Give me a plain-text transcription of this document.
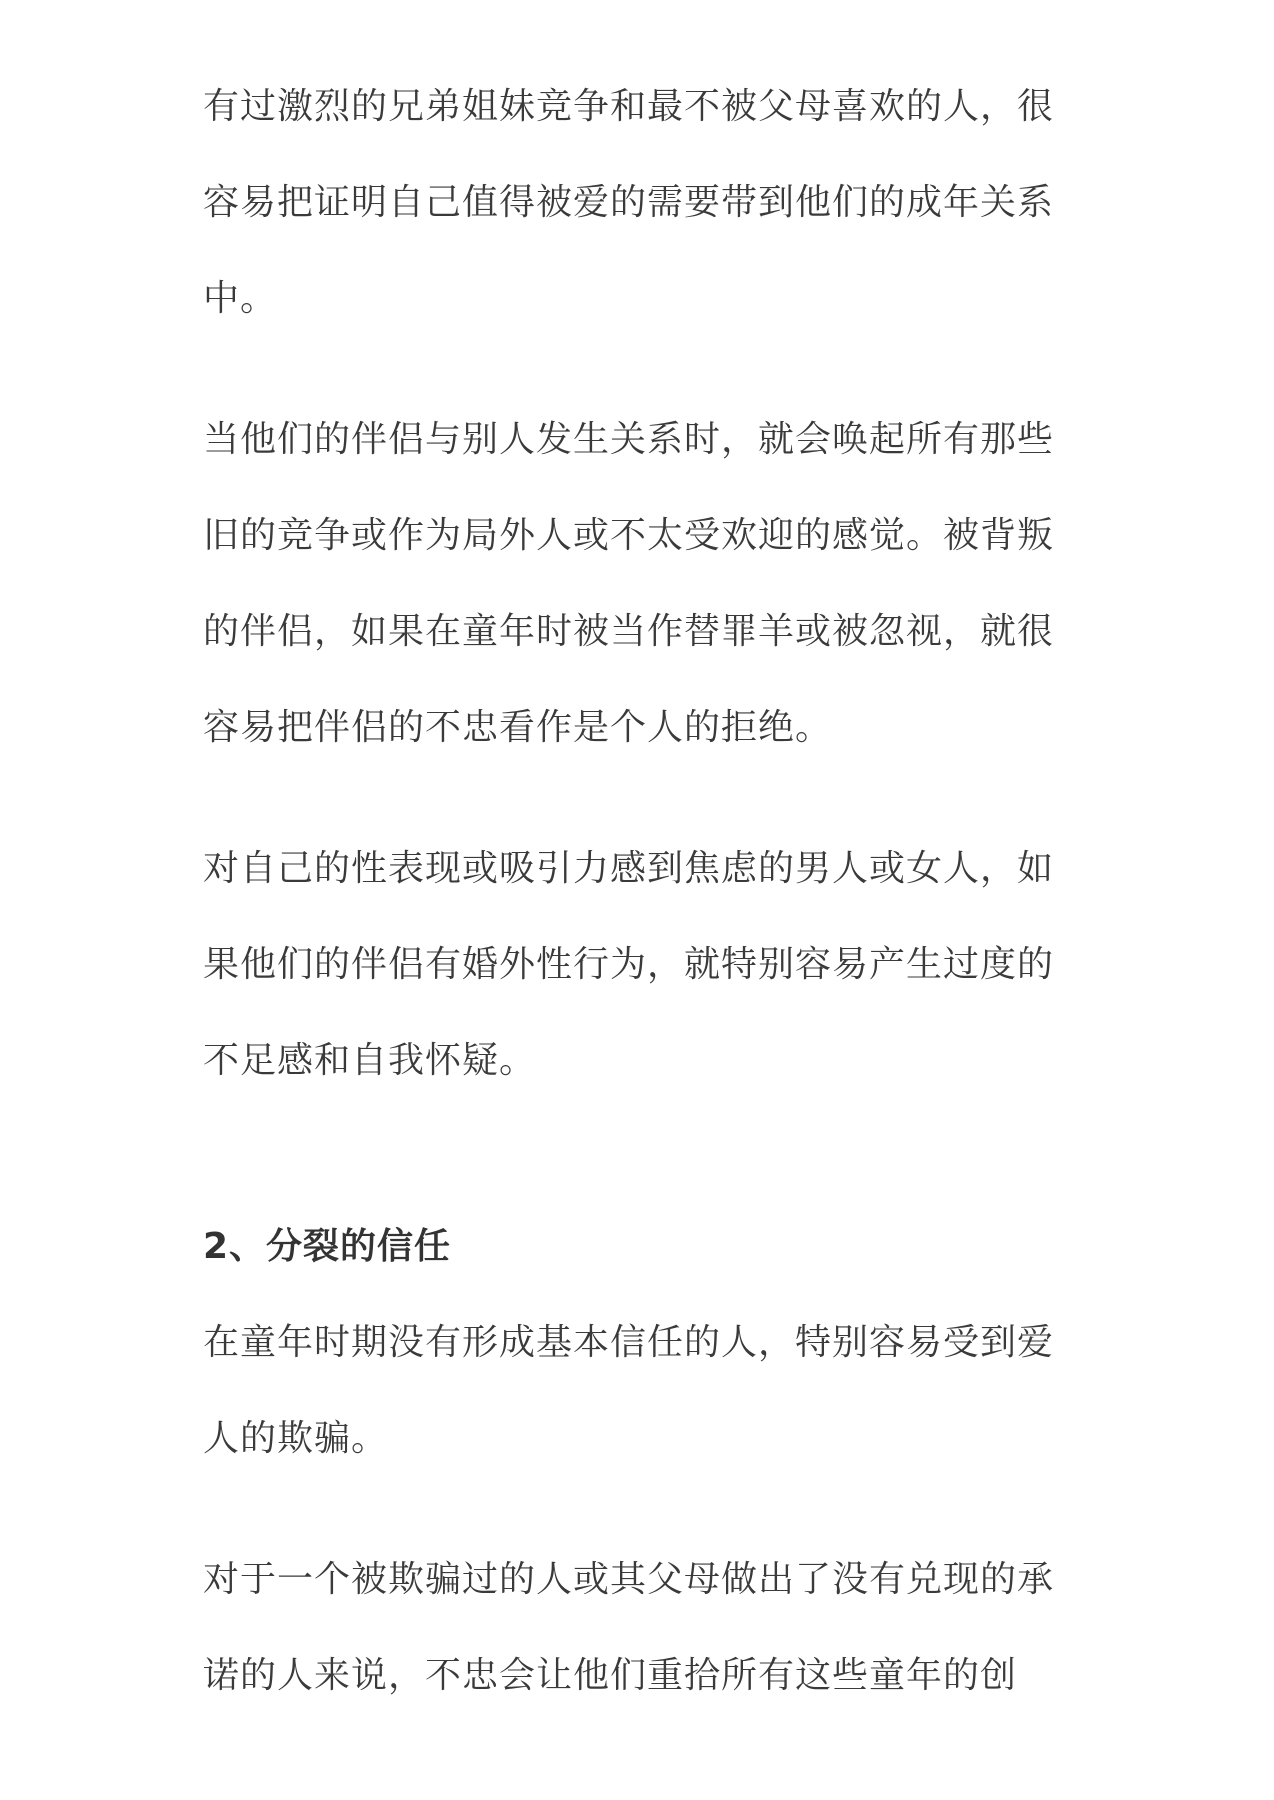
有过激烈的兄弟姐妹竞争和最不被父母喜欢的人，很
容易把证明自己值得被爱的需要带到他们的成年关系
中。
当他们的伴侣与别人发生关系时，就会唤起所有那些
旧的竞争或作为局外人或不太受欢迎的感觉。被背叛
的伴侣，如果在童年时被当作替罪羊或被忽视，就很
容易把伴侣的不忠看作是个人的拒绝。
对自己的性表现或吸引力感到焦虑的男人或女人，如
果他们的伴侣有婚外性行为，就特别容易产生过度的
不足感和自我怀疑。
2、分裂的信任
在童年时期没有形成基本信任的人，特别容易受到爱
人的欺骗。
对于一个被欺骗过的人或其父母做出了没有兑现的承
诺的人来说，不忠会让他们重拾所有这些童年的创
